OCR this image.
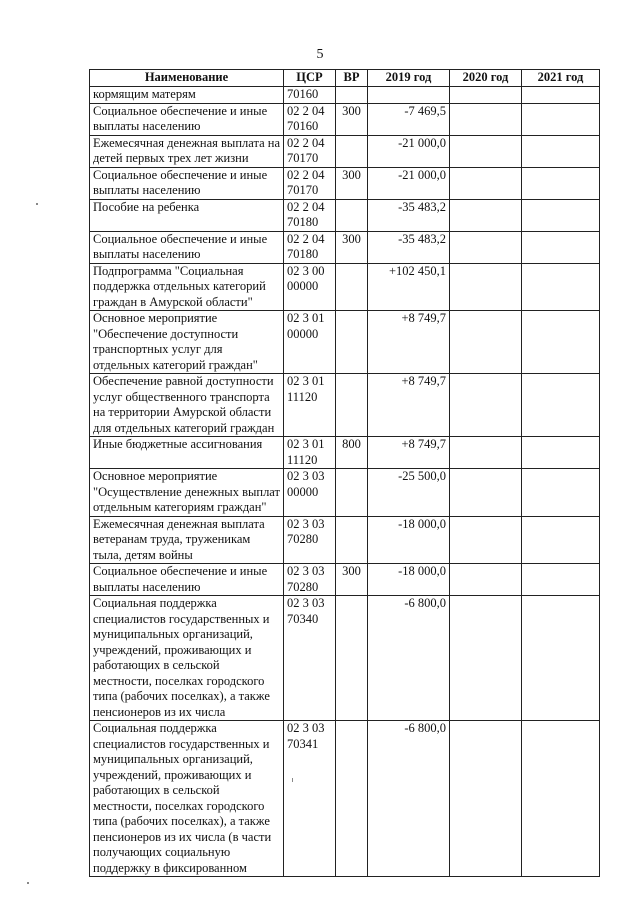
5
Наименование	ЦСР	ВР	2019 год	2020 год	2021 год
кормящим матерям	70160				
Социальное обеспечение и иные выплаты населению	02 2 04 70160	300	-7 469,5		
Ежемесячная денежная выплата на детей первых трех лет жизни	02 2 04 70170		-21 000,0		
Социальное обеспечение и иные выплаты населению	02 2 04 70170	300	-21 000,0		
Пособие на ребенка	02 2 04 70180		-35 483,2		
Социальное обеспечение и иные выплаты населению	02 2 04 70180	300	-35 483,2		
Подпрограмма "Социальная поддержка отдельных категорий граждан в Амурской области"	02 3 00 00000		+102 450,1		
Основное мероприятие "Обеспечение доступности транспортных услуг для отдельных категорий граждан"	02 3 01 00000		+8 749,7		
Обеспечение равной доступности услуг общественного транспорта на территории Амурской области для отдельных категорий граждан	02 3 01 11120		+8 749,7		
Иные бюджетные ассигнования	02 3 01 11120	800	+8 749,7		
Основное мероприятие "Осуществление денежных выплат отдельным категориям граждан"	02 3 03 00000		-25 500,0		
Ежемесячная денежная выплата ветеранам труда, труженикам тыла, детям войны	02 3 03 70280		-18 000,0		
Социальное обеспечение и иные выплаты населению	02 3 03 70280	300	-18 000,0		
Социальная поддержка специалистов государственных и муниципальных организаций, учреждений, проживающих и работающих в сельской местности, поселках городского типа (рабочих поселках), а также пенсионеров из их числа	02 3 03 70340		-6 800,0		
Социальная поддержка специалистов государственных и муниципальных организаций, учреждений, проживающих и работающих в сельской местности, поселках городского типа (рабочих поселках), а также пенсионеров из их числа (в части получающих социальную поддержку в фиксированном	02 3 03 70341		-6 800,0		
